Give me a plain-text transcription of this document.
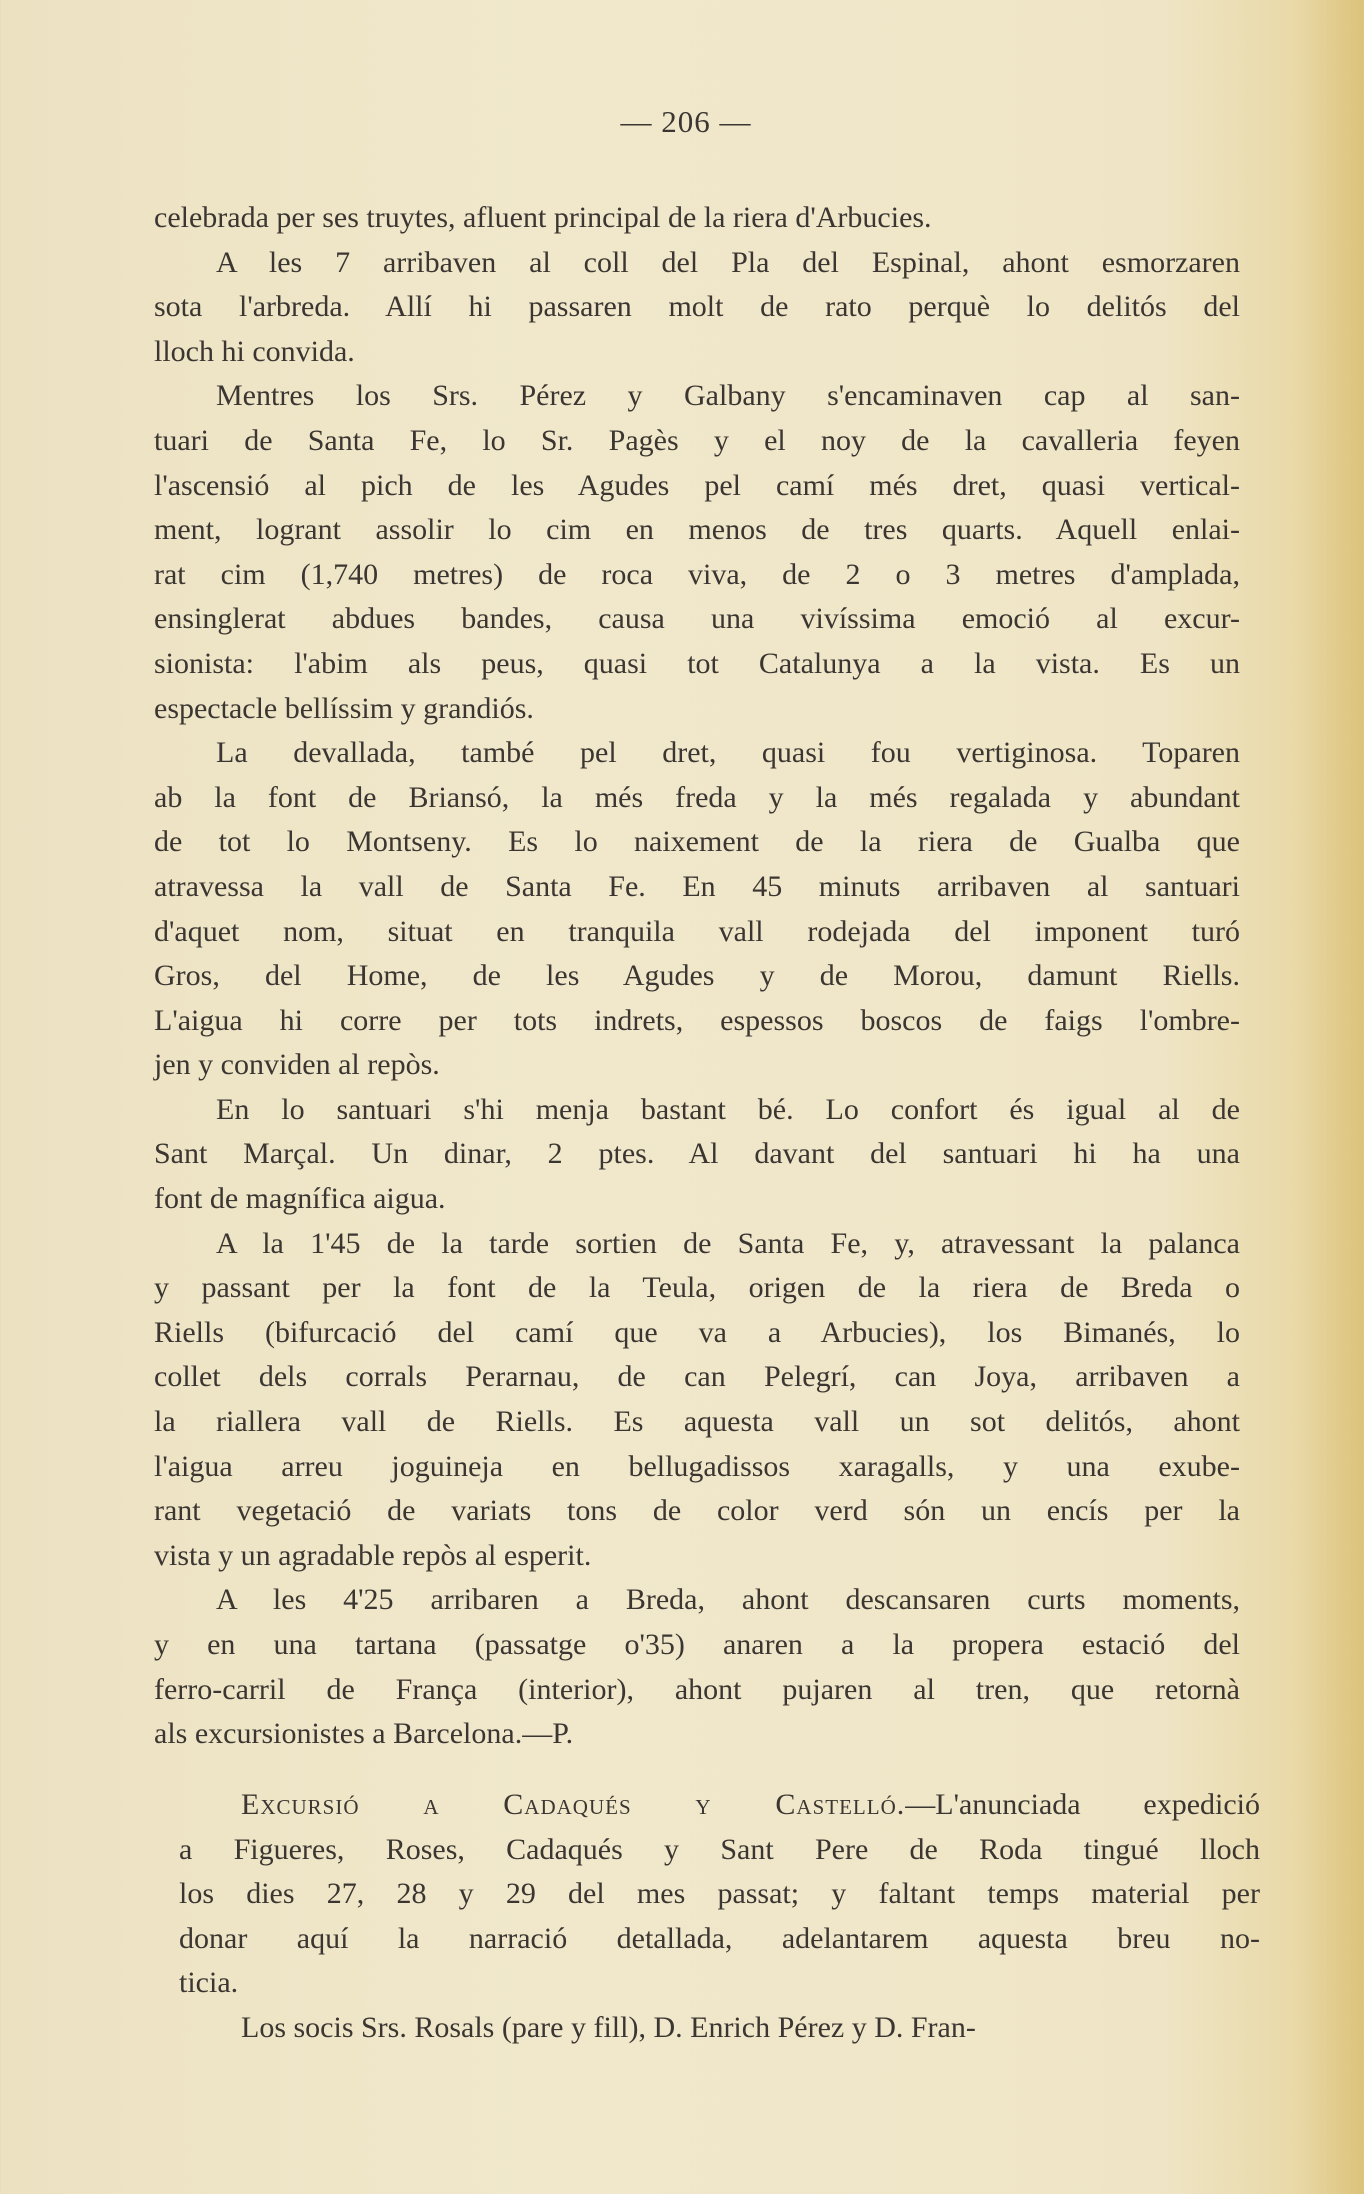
— 206 —
celebrada per ses truytes, afluent principal de la riera d'Arbucies.
A les 7 arribaven al coll del Pla del Espinal, ahont esmorzaren
sota l'arbreda. Allí hi passaren molt de rato perquè lo delitós del
lloch hi convida.
Mentres los Srs. Pérez y Galbany s'encaminaven cap al san-
tuari de Santa Fe, lo Sr. Pagès y el noy de la cavalleria feyen
l'ascensió al pich de les Agudes pel camí més dret, quasi vertical-
ment, logrant assolir lo cim en menos de tres quarts. Aquell enlai-
rat cim (1,740 metres) de roca viva, de 2 o 3 metres d'amplada,
ensinglerat abdues bandes, causa una vivíssima emoció al excur-
sionista: l'abim als peus, quasi tot Catalunya a la vista. Es un
espectacle bellíssim y grandiós.
La devallada, també pel dret, quasi fou vertiginosa. Toparen
ab la font de Briansó, la més freda y la més regalada y abundant
de tot lo Montseny. Es lo naixement de la riera de Gualba que
atravessa la vall de Santa Fe. En 45 minuts arribaven al santuari
d'aquet nom, situat en tranquila vall rodejada del imponent turó
Gros, del Home, de les Agudes y de Morou, damunt Riells.
L'aigua hi corre per tots indrets, espessos boscos de faigs l'ombre-
jen y conviden al repòs.
En lo santuari s'hi menja bastant bé. Lo confort és igual al de
Sant Marçal. Un dinar, 2 ptes. Al davant del santuari hi ha una
font de magnífica aigua.
A la 1'45 de la tarde sortien de Santa Fe, y, atravessant la palanca
y passant per la font de la Teula, origen de la riera de Breda o
Riells (bifurcació del camí que va a Arbucies), los Bimanés, lo
collet dels corrals Perarnau, de can Pelegrí, can Joya, arribaven a
la riallera vall de Riells. Es aquesta vall un sot delitós, ahont
l'aigua arreu joguineja en bellugadissos xaragalls, y una exube-
rant vegetació de variats tons de color verd són un encís per la
vista y un agradable repòs al esperit.
A les 4'25 arribaren a Breda, ahont descansaren curts moments,
y en una tartana (passatge o'35) anaren a la propera estació del
ferro-carril de França (interior), ahont pujaren al tren, que retornà
als excursionistes a Barcelona.—P.
Excursió a Cadaqués y Castelló.—L'anunciada expedició
a Figueres, Roses, Cadaqués y Sant Pere de Roda tingué lloch
los dies 27, 28 y 29 del mes passat; y faltant temps material per
donar aquí la narració detallada, adelantarem aquesta breu no-
ticia.
Los socis Srs. Rosals (pare y fill), D. Enrich Pérez y D. Fran-
